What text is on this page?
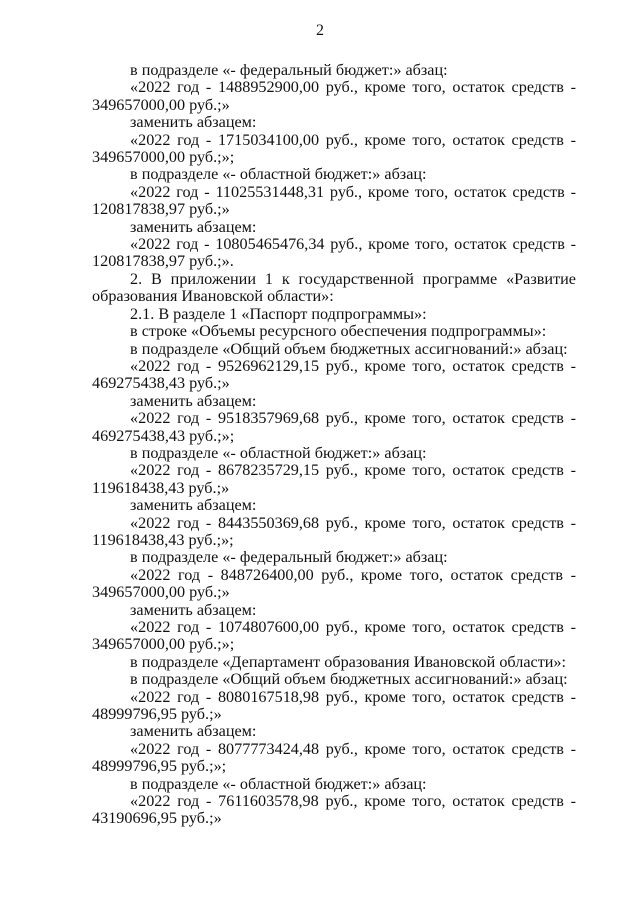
2

в подразделе «- федеральный бюджет:» абзац:

«2022 год - 1488952900,00 руб., кроме того, остаток средств - 349657000,00 руб.;»

заменить абзацем:

«2022 год - 1715034100,00 руб., кроме того, остаток средств - 349657000,00 руб.;»;

в подразделе «- областной бюджет:» абзац:

«2022 год - 11025531448,31 руб., кроме того, остаток средств - 120817838,97 руб.;»

заменить абзацем:

«2022 год - 10805465476,34 руб., кроме того, остаток средств - 120817838,97 руб.;».

2. В приложении 1 к государственной программе «Развитие образования Ивановской области»:

2.1. В разделе 1 «Паспорт подпрограммы»:

в строке «Объемы ресурсного обеспечения подпрограммы»:

в подразделе «Общий объем бюджетных ассигнований:» абзац:

«2022 год - 9526962129,15 руб., кроме того, остаток средств - 469275438,43 руб.;»

заменить абзацем:

«2022 год - 9518357969,68 руб., кроме того, остаток средств - 469275438,43 руб.;»;

в подразделе «- областной бюджет:» абзац:

«2022 год - 8678235729,15 руб., кроме того, остаток средств - 119618438,43 руб.;»

заменить абзацем:

«2022 год - 8443550369,68 руб., кроме того, остаток средств - 119618438,43 руб.;»;

в подразделе «- федеральный бюджет:» абзац:

«2022 год - 848726400,00 руб., кроме того, остаток средств - 349657000,00 руб.;»

заменить абзацем:

«2022 год - 1074807600,00 руб., кроме того, остаток средств - 349657000,00 руб.;»;

в подразделе «Департамент образования Ивановской области»:

в подразделе «Общий объем бюджетных ассигнований:» абзац:

«2022 год - 8080167518,98 руб., кроме того, остаток средств - 48999796,95 руб.;»

заменить абзацем:

«2022 год - 8077773424,48 руб., кроме того, остаток средств - 48999796,95 руб.;»;

в подразделе «- областной бюджет:» абзац:

«2022 год - 7611603578,98 руб., кроме того, остаток средств - 43190696,95 руб.;»
